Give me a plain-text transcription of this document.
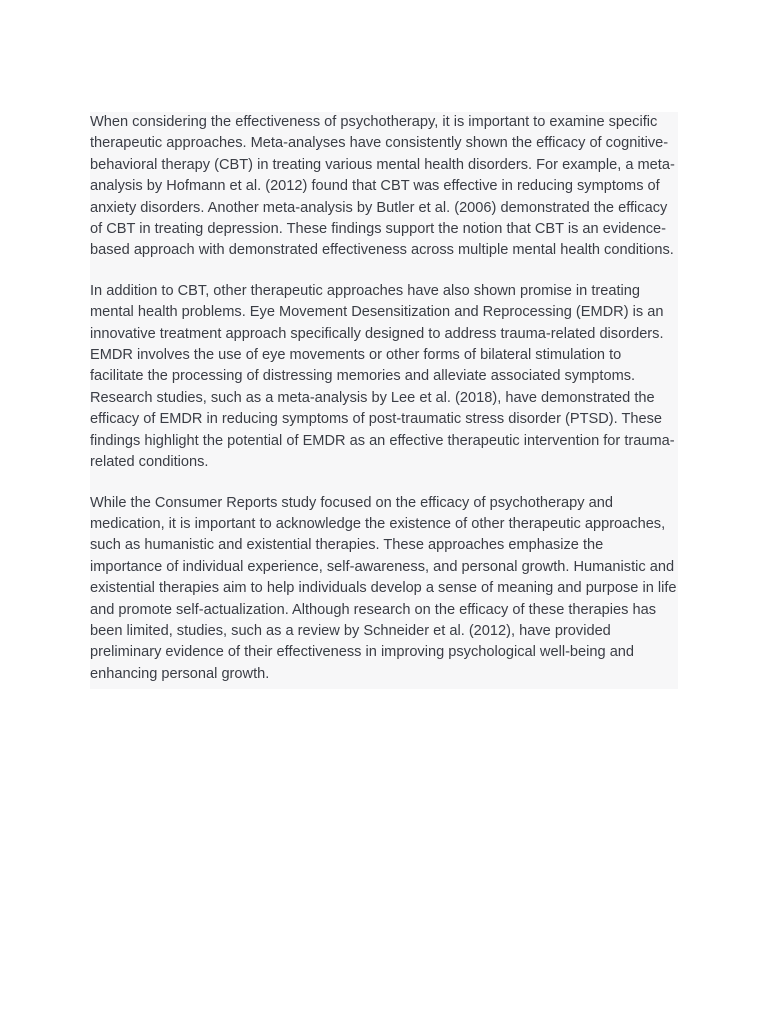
When considering the effectiveness of psychotherapy, it is important to examine specific therapeutic approaches. Meta-analyses have consistently shown the efficacy of cognitive-behavioral therapy (CBT) in treating various mental health disorders. For example, a meta-analysis by Hofmann et al. (2012) found that CBT was effective in reducing symptoms of anxiety disorders. Another meta-analysis by Butler et al. (2006) demonstrated the efficacy of CBT in treating depression. These findings support the notion that CBT is an evidence-based approach with demonstrated effectiveness across multiple mental health conditions.

In addition to CBT, other therapeutic approaches have also shown promise in treating mental health problems. Eye Movement Desensitization and Reprocessing (EMDR) is an innovative treatment approach specifically designed to address trauma-related disorders. EMDR involves the use of eye movements or other forms of bilateral stimulation to facilitate the processing of distressing memories and alleviate associated symptoms. Research studies, such as a meta-analysis by Lee et al. (2018), have demonstrated the efficacy of EMDR in reducing symptoms of post-traumatic stress disorder (PTSD). These findings highlight the potential of EMDR as an effective therapeutic intervention for trauma-related conditions.

While the Consumer Reports study focused on the efficacy of psychotherapy and medication, it is important to acknowledge the existence of other therapeutic approaches, such as humanistic and existential therapies. These approaches emphasize the importance of individual experience, self-awareness, and personal growth. Humanistic and existential therapies aim to help individuals develop a sense of meaning and purpose in life and promote self-actualization. Although research on the efficacy of these therapies has been limited, studies, such as a review by Schneider et al. (2012), have provided preliminary evidence of their effectiveness in improving psychological well-being and enhancing personal growth.
